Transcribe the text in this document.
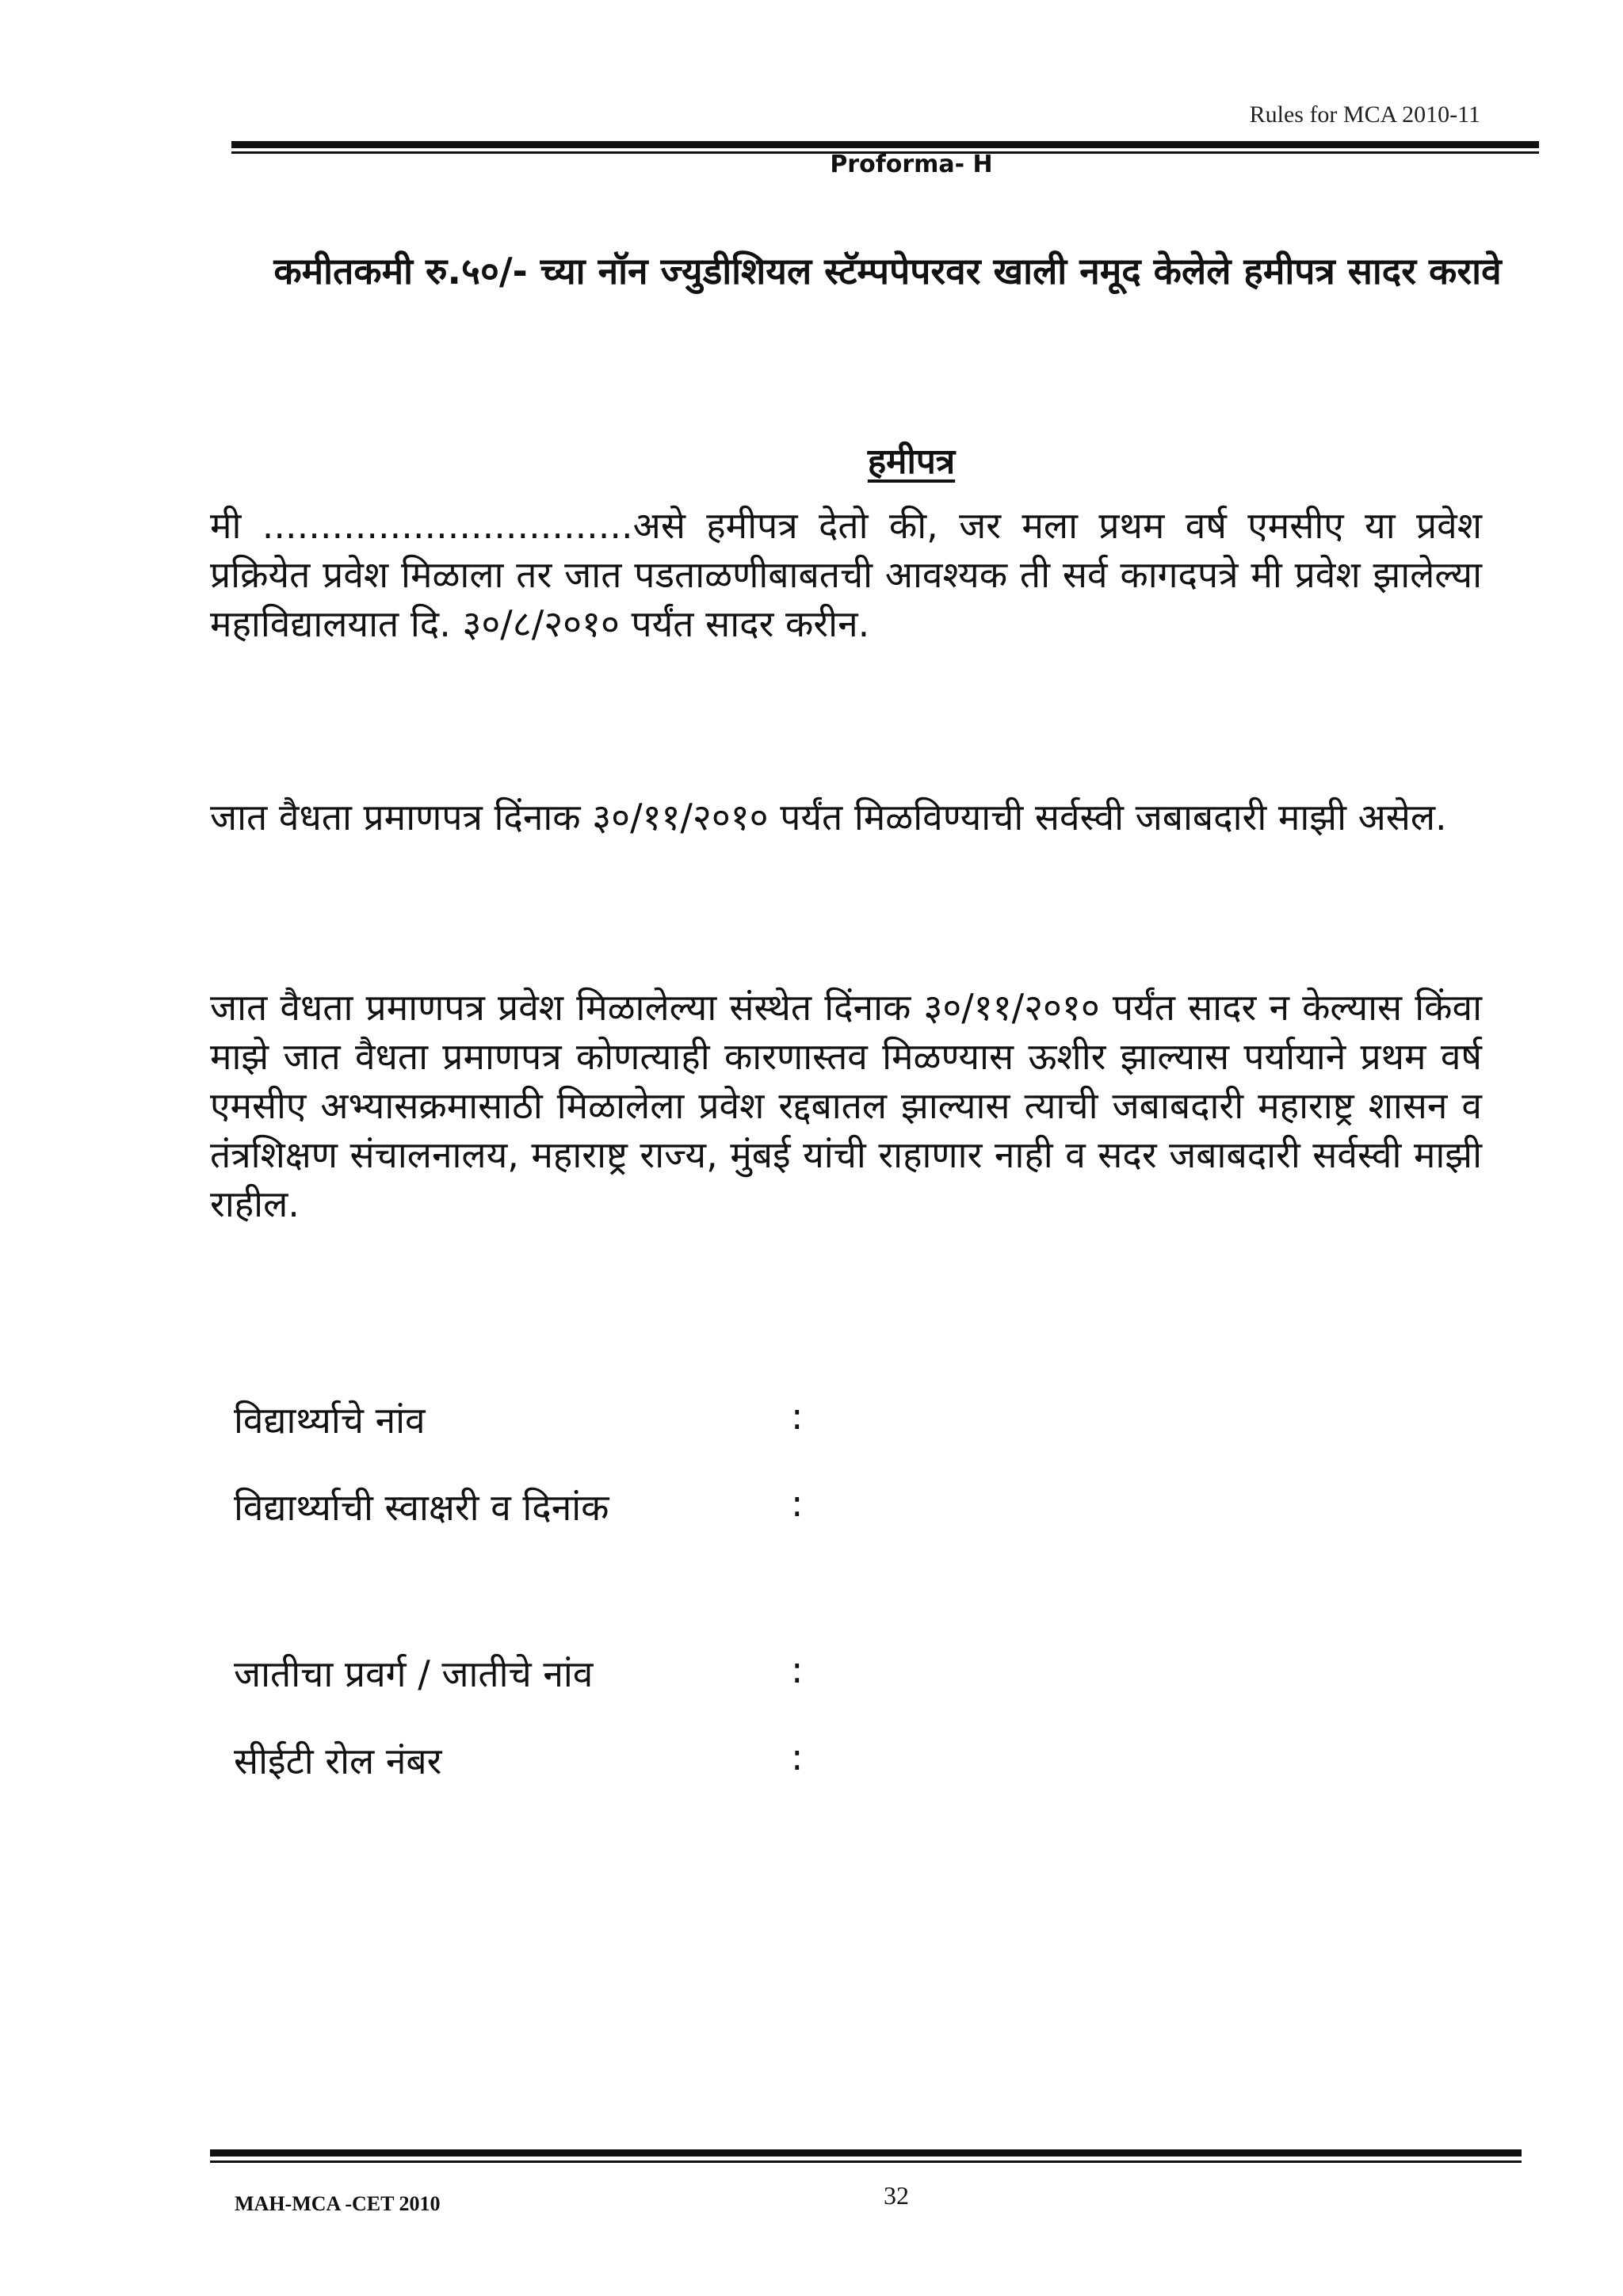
Rules for MCA 2010-11
Proforma- H
कमीतकमी रु.५०/- च्या नॉन ज्युडीशियल स्टॅम्पपेपरवर खाली नमूद केलेले हमीपत्र सादर करावे
हमीपत्र
मी ................................असे हमीपत्र देतो की, जर मला प्रथम वर्ष एमसीए या प्रवेश प्रक्रियेत प्रवेश मिळाला तर जात पडताळणीबाबतची आवश्यक ती सर्व कागदपत्रे मी प्रवेश झालेल्या महाविद्यालयात दि. ३०/८/२०१० पर्यंत सादर करीन.
जात वैधता प्रमाणपत्र दिंनाक ३०/११/२०१० पर्यंत मिळविण्याची सर्वस्वी जबाबदारी माझी असेल.
जात वैधता प्रमाणपत्र प्रवेश मिळालेल्या संस्थेत दिंनाक ३०/११/२०१० पर्यंत सादर न केल्यास किंवा माझे जात वैधता प्रमाणपत्र कोणत्याही कारणास्तव मिळण्यास ऊशीर झाल्यास पर्यायाने प्रथम वर्ष एमसीए अभ्यासक्रमासाठी मिळालेला प्रवेश रद्दबातल झाल्यास त्याची जबाबदारी महाराष्ट्र शासन व तंत्रशिक्षण संचालनालय, महाराष्ट्र राज्य, मुंबई यांची राहाणार नाही व सदर जबाबदारी सर्वस्वी माझी राहील.
विद्यार्थ्याचे नांव	:
विद्यार्थ्याची स्वाक्षरी व दिनांक	:
जातीचा प्रवर्ग / जातीचे नांव	:
सीईटी रोल नंबर	:
MAH-MCA -CET 2010	32
